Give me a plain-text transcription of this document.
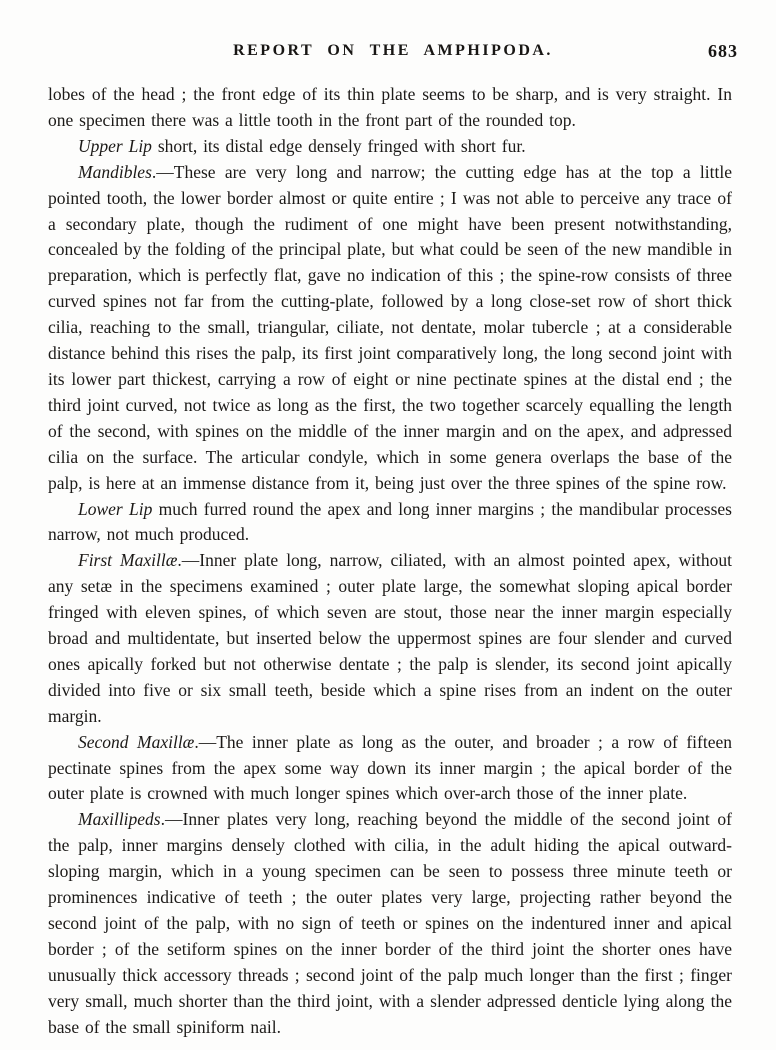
REPORT ON THE AMPHIPODA.	683

lobes of the head ; the front edge of its thin plate seems to be sharp, and is very straight. In one specimen there was a little tooth in the front part of the rounded top.

Upper Lip short, its distal edge densely fringed with short fur.

Mandibles.—These are very long and narrow; the cutting edge has at the top a little pointed tooth, the lower border almost or quite entire ; I was not able to perceive any trace of a secondary plate, though the rudiment of one might have been present notwithstanding, concealed by the folding of the principal plate, but what could be seen of the new mandible in preparation, which is perfectly flat, gave no indication of this ; the spine-row consists of three curved spines not far from the cutting-plate, followed by a long close-set row of short thick cilia, reaching to the small, triangular, ciliate, not dentate, molar tubercle ; at a considerable distance behind this rises the palp, its first joint comparatively long, the long second joint with its lower part thickest, carrying a row of eight or nine pectinate spines at the distal end ; the third joint curved, not twice as long as the first, the two together scarcely equalling the length of the second, with spines on the middle of the inner margin and on the apex, and adpressed cilia on the surface. The articular condyle, which in some genera overlaps the base of the palp, is here at an immense distance from it, being just over the three spines of the spine row.

Lower Lip much furred round the apex and long inner margins ; the mandibular processes narrow, not much produced.

First Maxillæ.—Inner plate long, narrow, ciliated, with an almost pointed apex, without any setæ in the specimens examined ; outer plate large, the somewhat sloping apical border fringed with eleven spines, of which seven are stout, those near the inner margin especially broad and multidentate, but inserted below the uppermost spines are four slender and curved ones apically forked but not otherwise dentate ; the palp is slender, its second joint apically divided into five or six small teeth, beside which a spine rises from an indent on the outer margin.

Second Maxillæ.—The inner plate as long as the outer, and broader ; a row of fifteen pectinate spines from the apex some way down its inner margin ; the apical border of the outer plate is crowned with much longer spines which over-arch those of the inner plate.

Maxillipeds.—Inner plates very long, reaching beyond the middle of the second joint of the palp, inner margins densely clothed with cilia, in the adult hiding the apical outward-sloping margin, which in a young specimen can be seen to possess three minute teeth or prominences indicative of teeth ; the outer plates very large, projecting rather beyond the second joint of the palp, with no sign of teeth or spines on the indentured inner and apical border ; of the setiform spines on the inner border of the third joint the shorter ones have unusually thick accessory threads ; second joint of the palp much longer than the first ; finger very small, much shorter than the third joint, with a slender adpressed denticle lying along the base of the small spiniform nail.
